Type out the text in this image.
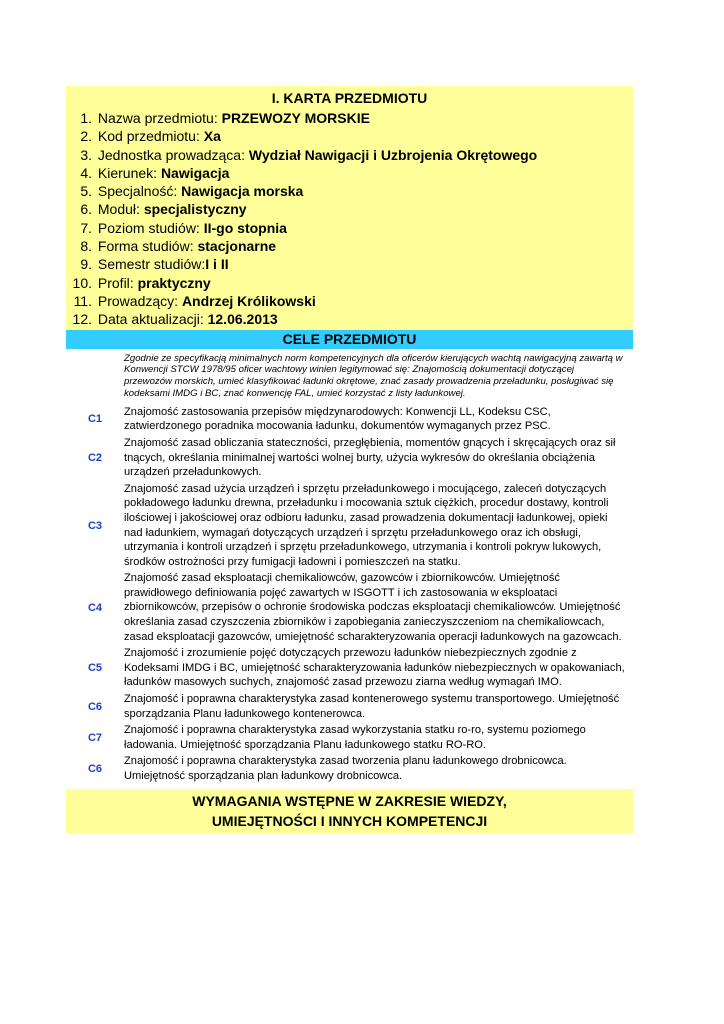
I. KARTA PRZEDMIOTU
1. Nazwa przedmiotu: PRZEWOZY MORSKIE
2. Kod przedmiotu: Xa
3. Jednostka prowadząca: Wydział Nawigacji i Uzbrojenia Okrętowego
4. Kierunek: Nawigacja
5. Specjalność: Nawigacja morska
6. Moduł: specjalistyczny
7. Poziom studiów: II-go stopnia
8. Forma studiów: stacjonarne
9. Semestr studiów:I i II
10. Profil: praktyczny
11. Prowadzący: Andrzej Królikowski
12. Data aktualizacji: 12.06.2013
CELE PRZEDMIOTU
Zgodnie ze specyfikacją minimalnych norm kompetencyjnych dla oficerów kierujących wachtą nawigacyjną zawartą w Konwencji STCW 1978/95 oficer wachtowy winien legitymować się: Znajomością dokumentacji dotyczącej przewozów morskich, umieć klasyfikować ładunki okrętowe, znać zasady prowadzenia przeładunku, posługiwać się kodeksami IMDG i BC, znać konwencję FAL, umieć korzystać z listy ładunkowej.
C1
Znajomość zastosowania przepisów międzynarodowych: Konwencji LL, Kodeksu CSC, zatwierdzonego poradnika mocowania ładunku, dokumentów wymaganych przez PSC.
C2
Znajomość zasad obliczania stateczności, przegłębienia, momentów gnących i skręcających oraz sił tnących, określania minimalnej wartości wolnej burty, użycia wykresów do określania obciążenia urządzeń przeładunkowych.
C3
Znajomość zasad użycia urządzeń i sprzętu przeładunkowego i mocującego, zaleceń dotyczących pokładowego ładunku drewna, przeładunku i mocowania sztuk ciężkich, procedur dostawy, kontroli ilościowej i jakościowej oraz odbioru ładunku, zasad prowadzenia dokumentacji ładunkowej, opieki nad ładunkiem, wymagań dotyczących urządzeń i sprzętu przeładunkowego oraz ich obsługi, utrzymania i kontroli urządzeń i sprzętu przeładunkowego, utrzymania i kontroli pokryw lukowych, środków ostrożności przy fumigacji ładowni i pomieszczeń na statku.
C4
Znajomość zasad eksploatacji chemikaliowców, gazowców i zbiornikowców. Umiejętność prawidłowego definiowania pojęć zawartych w ISGOTT i ich zastosowania w eksploataci zbiornikowców, przepisów o ochronie środowiska podczas eksploatacji chemikaliowców. Umiejętność określania zasad czyszczenia zbiorników i zapobiegania zanieczyszczeniom na chemikaliowcach, zasad eksploatacji gazowców, umiejętność scharakteryzowania operacji ładunkowych na gazowcach.
C5
Znajomość i zrozumienie pojęć dotyczących przewozu ładunków niebezpiecznych zgodnie z Kodeksami IMDG i BC, umiejętność scharakteryzowania ładunków niebezpiecznych w opakowaniach, ładunków masowych suchych, znajomość zasad przewozu ziarna według wymagań IMO.
C6
Znajomość i poprawna charakterystyka zasad kontenerowego systemu transportowego. Umiejętność sporządzania Planu ładunkowego kontenerowca.
C7
Znajomość i poprawna charakterystyka zasad wykorzystania statku ro-ro, systemu poziomego ładowania. Umiejętność sporządzania Planu ładunkowego statku RO-RO.
C6
Znajomość i poprawna charakterystyka zasad tworzenia planu ładunkowego drobnicowca. Umiejętność sporządzania plan ładunkowy drobnicowca.
WYMAGANIA WSTĘPNE W ZAKRESIE WIEDZY,
UMIEJĘTNOŚCI I INNYCH KOMPETENCJI
